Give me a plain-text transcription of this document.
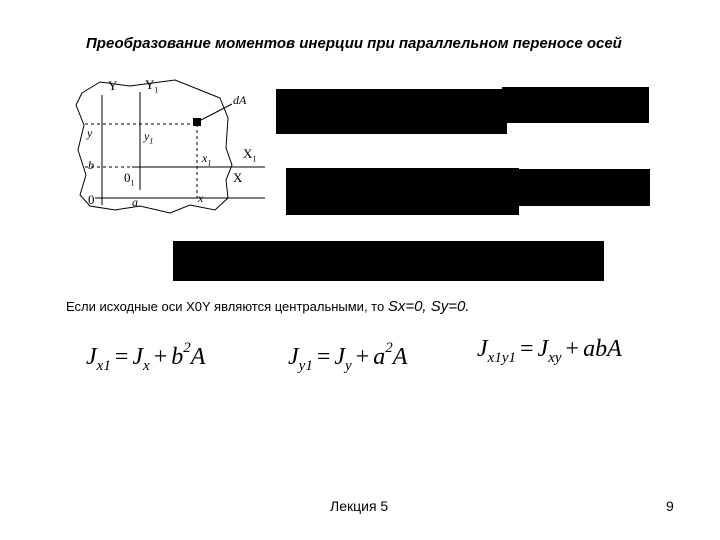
Преобразование моментов инерции при параллельном переносе осей
Y $Y_1$
dA
y	$y_1$
b
0
$0_1$
a	x
$x_1$
$X_1$
X
Если исходные оси X0Y являются центральными, то Sx=0, Sy=0.
$J_{x1} = J_x + b^2A$	$J_{y1} = J_y + a^2A$	$J_{x1y1} = J_{xy}$ + abA
Лекция 5	9
